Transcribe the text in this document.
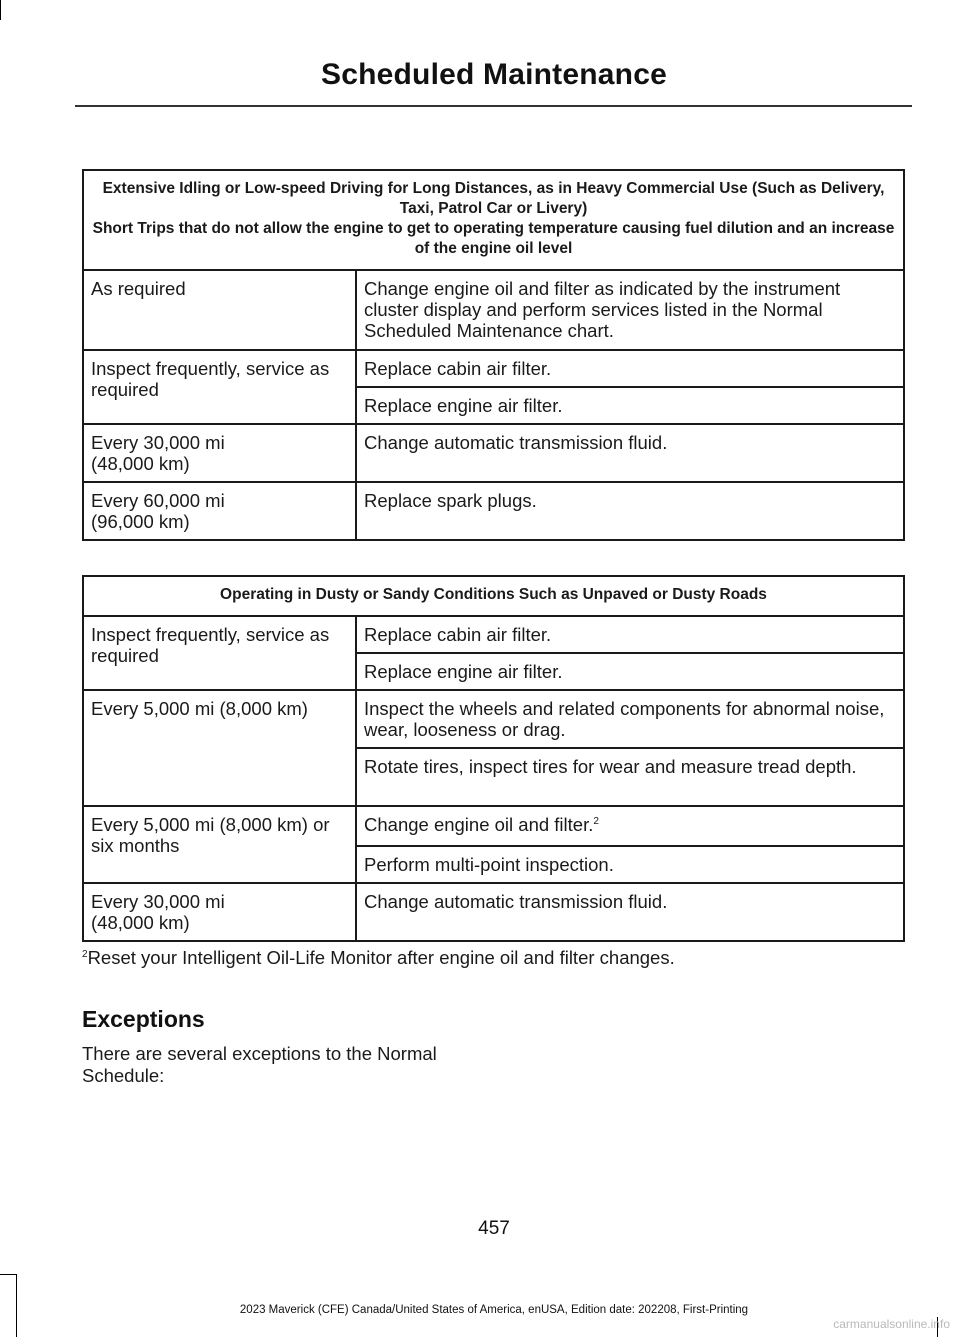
Scheduled Maintenance
Extensive Idling or Low-speed Driving for Long Distances, as in Heavy Commercial Use (Such as Delivery, Taxi, Patrol Car or Livery)
Short Trips that do not allow the engine to get to operating temperature causing fuel dilution and an increase of the engine oil level	

As required	Change engine oil and filter as indicated by the instrument cluster display and perform services listed in the Normal Scheduled Maintenance chart.
Inspect frequently, service as required	Replace cabin air filter.
	Replace engine air filter.
Every 30,000 mi
(48,000 km)	Change automatic transmission fluid.
Every 60,000 mi
(96,000 km)	Replace spark plugs.
Operating in Dusty or Sandy Conditions Such as Unpaved or Dusty Roads	
Inspect frequently, service as required	Replace cabin air filter.
	Replace engine air filter.
Every 5,000 mi (8,000 km)	Inspect the wheels and related components for abnormal noise, wear, looseness or drag.
	Rotate tires, inspect tires for wear and measure tread depth.
Every 5,000 mi (8,000 km) or six months	Change engine oil and filter.$^2$
	Perform multi-point inspection.
Every 30,000 mi
(48,000 km)	Change automatic transmission fluid.
$^2$Reset your Intelligent Oil-Life Monitor after engine oil and filter changes.
Exceptions
There are several exceptions to the Normal Schedule:
457
2023 Maverick (CFE) Canada/United States of America, enUSA, Edition date: 202208, First-Printing
carmanualsonline.info
